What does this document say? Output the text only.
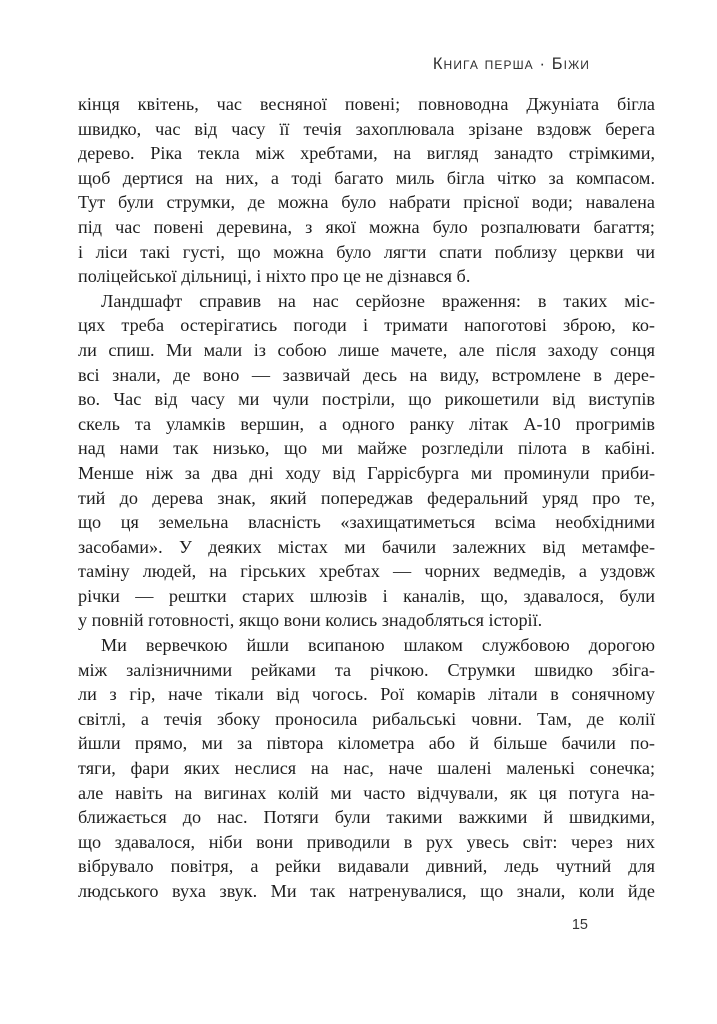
Книга перша · Біжи
кінця квітень, час весняної повені; повноводна Джуніата бігла
швидко, час від часу її течія захоплювала зрізане вздовж берега
дерево. Ріка текла між хребтами, на вигляд занадто стрімкими,
щоб дертися на них, а тоді багато миль бігла чітко за компасом.
Тут були струмки, де можна було набрати прісної води; навалена
під час повені деревина, з якої можна було розпалювати багаття;
і ліси такі густі, що можна було лягти спати поблизу церкви чи
поліцейської дільниці, і ніхто про це не дізнався б.
Ландшафт справив на нас серйозне враження: в таких міс-
цях треба остерігатись погоди і тримати напоготові зброю, ко-
ли спиш. Ми мали із собою лише мачете, але після заходу сонця
всі знали, де воно — зазвичай десь на виду, встромлене в дере-
во. Час від часу ми чули постріли, що рикошетили від виступів
скель та уламків вершин, а одного ранку літак А-10 прогримів
над нами так низько, що ми майже розгледіли пілота в кабіні.
Менше ніж за два дні ходу від Гаррісбурга ми проминули приби-
тий до дерева знак, який попереджав федеральний уряд про те,
що ця земельна власність «захищатиметься всіма необхідними
засобами». У деяких містах ми бачили залежних від метамфе-
таміну людей, на гірських хребтах — чорних ведмедів, а уздовж
річки — рештки старих шлюзів і каналів, що, здавалося, були
у повній готовності, якщо вони колись знадобляться історії.
Ми вервечкою йшли всипаною шлаком службовою дорогою
між залізничними рейками та річкою. Струмки швидко збіга-
ли з гір, наче тікали від чогось. Рої комарів літали в сонячному
світлі, а течія збоку проносила рибальські човни. Там, де колії
йшли прямо, ми за півтора кілометра або й більше бачили по-
тяги, фари яких неслися на нас, наче шалені маленькі сонечка;
але навіть на вигинах колій ми часто відчували, як ця потуга на-
ближається до нас. Потяги були такими важкими й швидкими,
що здавалося, ніби вони приводили в рух увесь світ: через них
вібрувало повітря, а рейки видавали дивний, ледь чутний для
людського вуха звук. Ми так натренувалися, що знали, коли йде
15
